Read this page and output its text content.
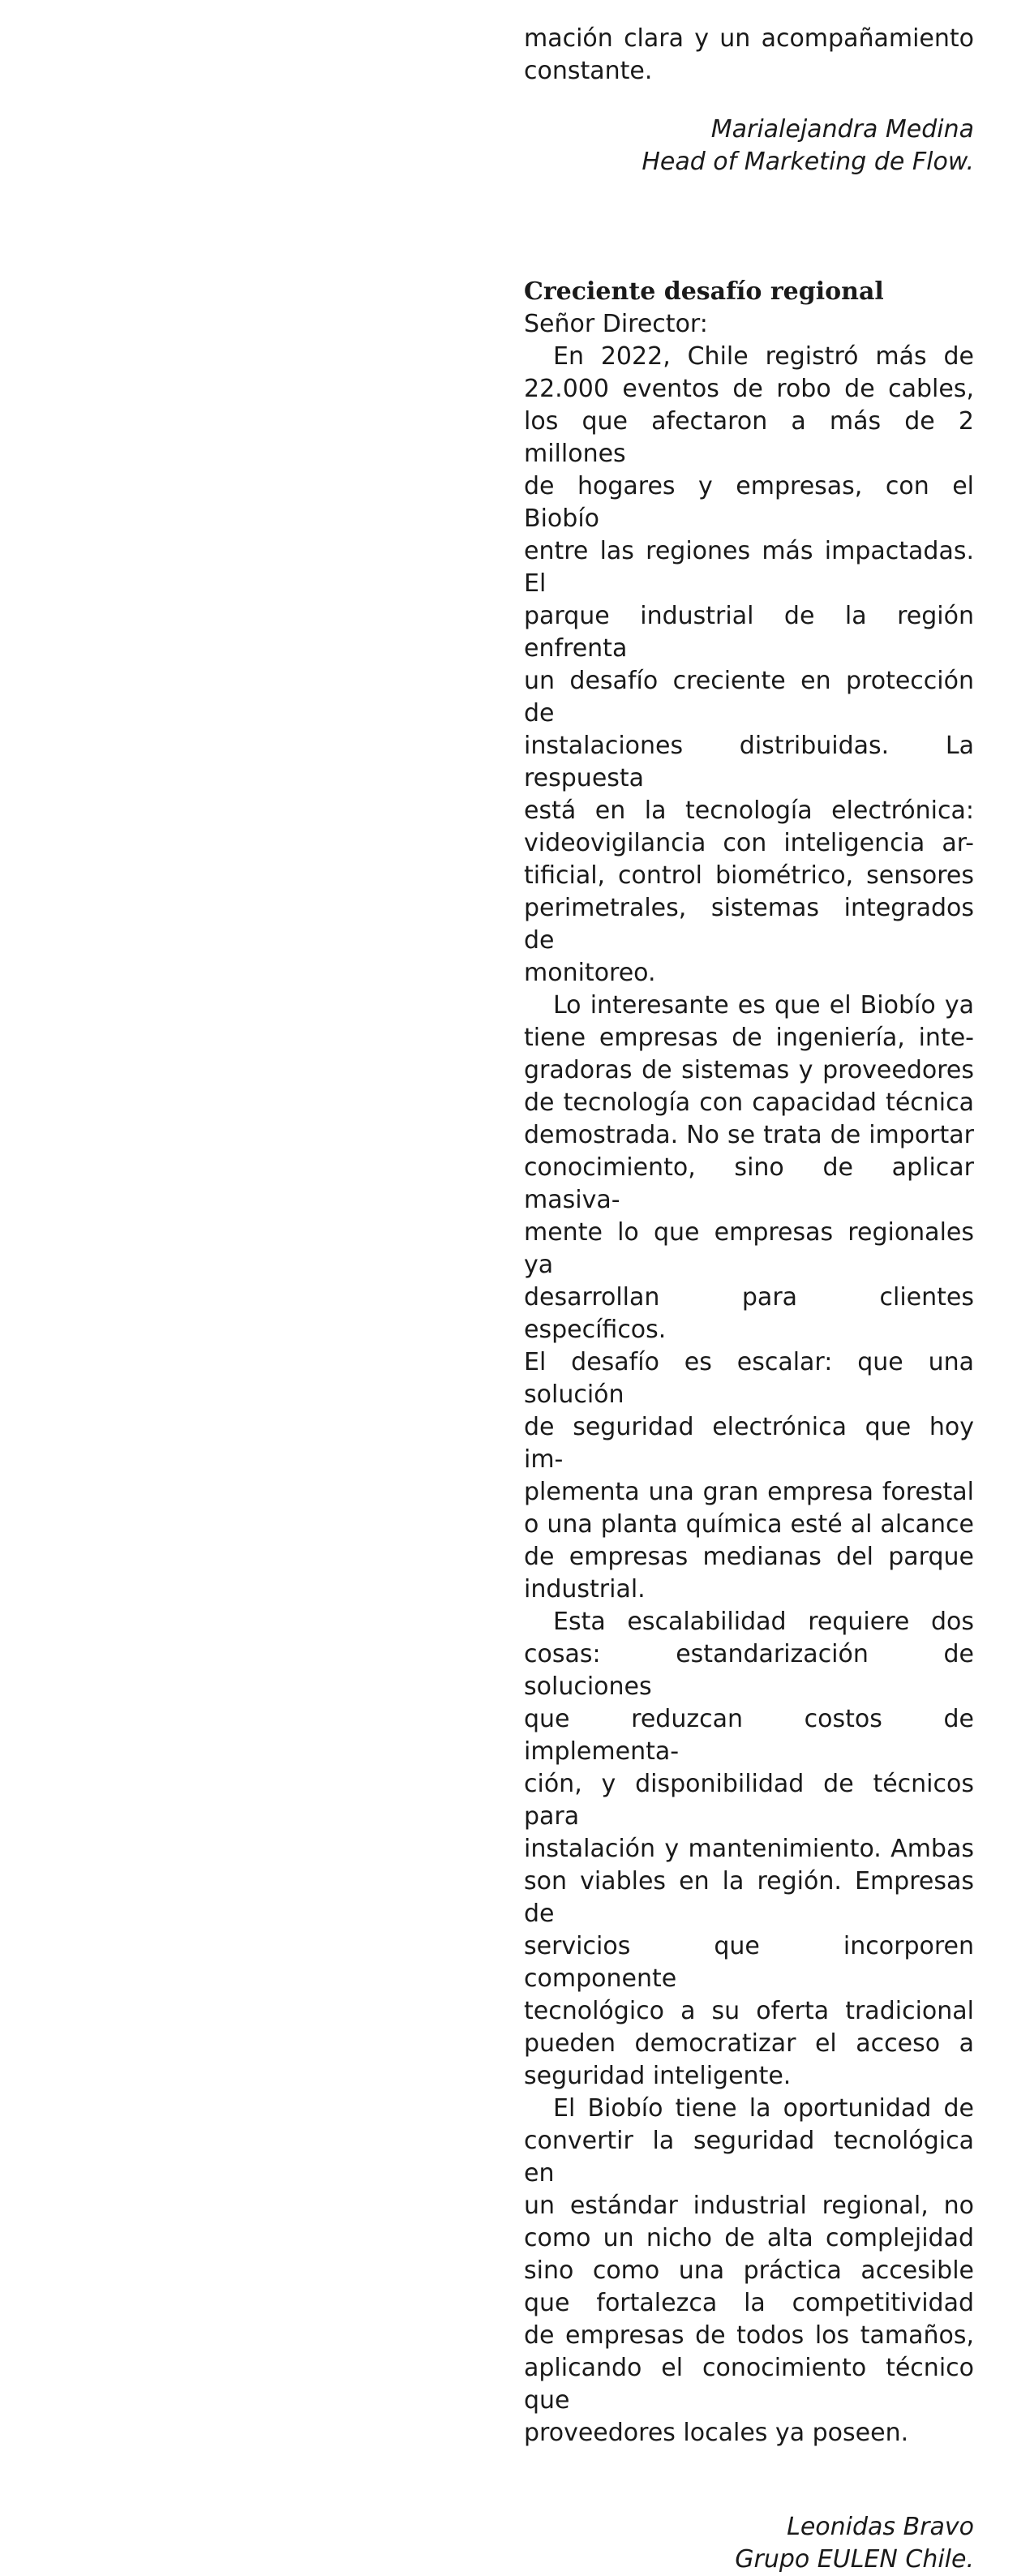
mación clara y un acompañamiento
constante.
Marialejandra Medina
Head of Marketing de Flow.
Creciente desafío regional
Señor Director:
En 2022, Chile registró más de
22.000 eventos de robo de cables,
los que afectaron a más de 2 millones
de hogares y empresas, con el Biobío
entre las regiones más impactadas. El
parque industrial de la región enfrenta
un desafío creciente en protección de
instalaciones distribuidas. La respuesta
está en la tecnología electrónica:
videovigilancia con inteligencia ar-
tificial, control biométrico, sensores
perimetrales, sistemas integrados de
monitoreo.
Lo interesante es que el Biobío ya
tiene empresas de ingeniería, inte-
gradoras de sistemas y proveedores
de tecnología con capacidad técnica
demostrada. No se trata de importar
conocimiento, sino de aplicar masiva-
mente lo que empresas regionales ya
desarrollan para clientes específicos.
El desafío es escalar: que una solución
de seguridad electrónica que hoy im-
plementa una gran empresa forestal
o una planta química esté al alcance
de empresas medianas del parque
industrial.
Esta escalabilidad requiere dos
cosas: estandarización de soluciones
que reduzcan costos de implementa-
ción, y disponibilidad de técnicos para
instalación y mantenimiento. Ambas
son viables en la región. Empresas de
servicios que incorporen componente
tecnológico a su oferta tradicional
pueden democratizar el acceso a
seguridad inteligente.
El Biobío tiene la oportunidad de
convertir la seguridad tecnológica en
un estándar industrial regional, no
como un nicho de alta complejidad
sino como una práctica accesible
que fortalezca la competitividad
de empresas de todos los tamaños,
aplicando el conocimiento técnico que
proveedores locales ya poseen.
Leonidas Bravo
Grupo EULEN Chile.
